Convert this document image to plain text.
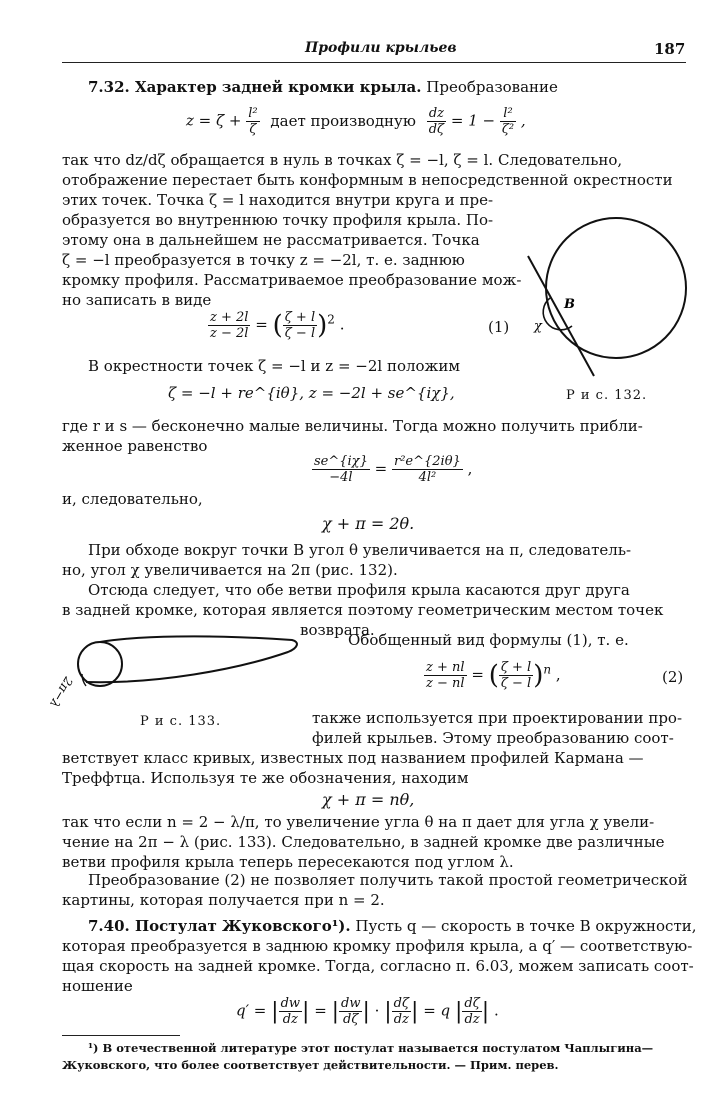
Профили крыльев	187
7.32. Характер задней кромки крыла. Преобразование
$z = \zeta + \frac{\text{l²}}{\zeta}$ дает производную $\frac{dz}{d\zeta} = 1 - \frac{\text{l²}}{\text{ζ²}}$ ,
так что dz/dζ обращается в нуль в точках ζ = −l, ζ = l. Следовательно,
отображение перестает быть конформным в непосредственной окрестности
этих точек. Точка ζ = l находится внутри круга и пре-
образуется во внутреннюю точку профиля крыла. По-
этому она в дальнейшем не рассматривается. Точка
ζ = −l преобразуется в точку z = −2l, т. е. заднюю
кромку профиля. Рассматриваемое преобразование мож-
но записать в виде	B
χ
Р и с. 132.
$\frac{z + 2l}{z - 2l}$ = ( $\frac{\zeta + l}{\zeta - l} )^2$ .	(1)
В окрестности точек ζ = −l и z = −2l положим
ζ = −l + re^{iθ}, z = −2l + se^{iχ},
где r и s — бесконечно малые величины. Тогда можно получить прибли-
женное равенство
$\frac{se\^{}\{i\chi\}}{-4l} = \frac{\text{r²e\textasciicircum{}\{2iθ\}}}{\text{4l²}}$ ,
и, следовательно,
χ + π = 2θ.
При обходе вокруг точки B угол θ увеличивается на π, следователь-
но, угол χ увеличивается на 2π (рис. 132).
Отсюда следует, что обе ветви профиля крыла касаются друг друга
в задней кромке, которая является поэтому геометрическим местом точек
возврата.
2π−λ
Р и с. 133.
Обобщенный вид формулы (1), т. е.
$\frac{z + nl}{z - nl}$ = ( $\frac{\zeta + l}{\zeta - l} )^n$ ,	(2)
также используется при проектировании про-
филей крыльев. Этому преобразованию соот-
ветствует класс кривых, известных под названием профилей Кармана —
Треффтца. Используя те же обозначения, находим
χ + π = nθ,
так что если n = 2 − λ/π, то увеличение угла θ на π дает для угла χ увели-
чение на 2π − λ (рис. 133). Следовательно, в задней кромке две различные
ветви профиля крыла теперь пересекаются под углом λ.
Преобразование (2) не позволяет получить такой простой геометрической
картины, которая получается при n = 2.
7.40. Постулат Жуковского¹). Пусть q — скорость в точке B окружности,
которая преобразуется в заднюю кромку профиля крыла, а q′ — соответствую-
щая скорость на задней кромке. Тогда, согласно п. 6.03, можем записать соот-
ношение
q′ = | $\frac{dw}{dz}$ | = | $\frac{dw}{d\zeta}$ | · | $\frac{d\zeta}{dz}$ | = q | $\frac{d\zeta}{dz}$ | .
¹) В отечественной литературе этот постулат называется постулатом Чаплыгина—
Жуковского, что более соответствует действительности. — Прим. перев.
